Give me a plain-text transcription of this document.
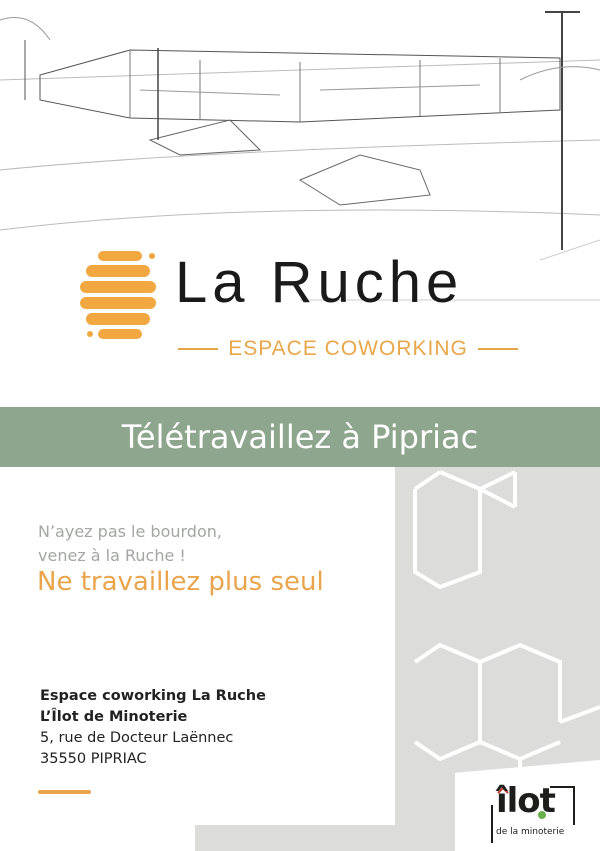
La Ruche
ESPACE COWORKING
Télétravaillez à Pipriac
N’ayez pas le bourdon,
venez à la Ruche !
Ne travaillez plus seul
Espace coworking La Ruche
L’Îlot de Minoterie
5, rue de Docteur Laënnec
35550 PIPRIAC
îlot
de la minoterie
